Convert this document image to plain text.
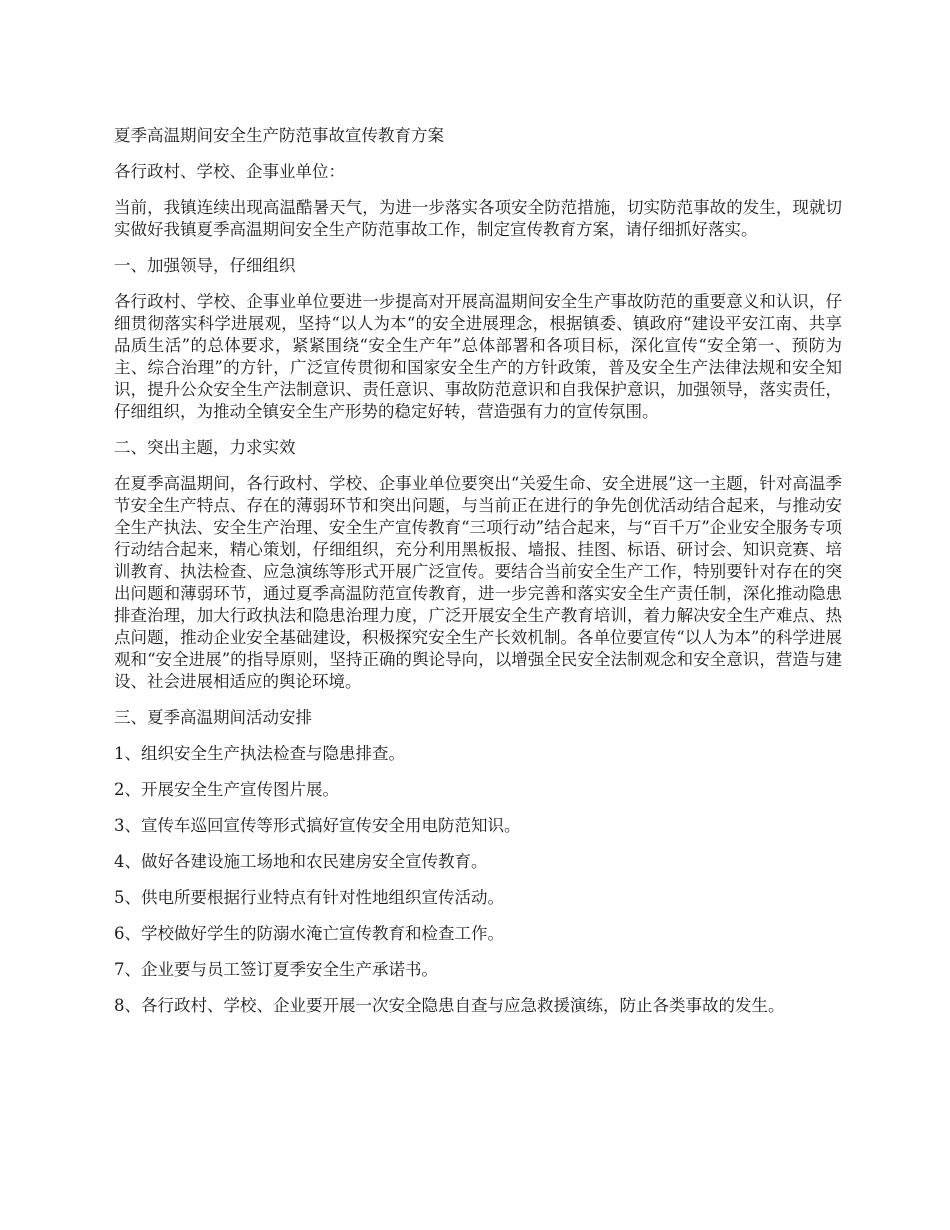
夏季高温期间安全生产防范事故宣传教育方案

各行政村、学校、企事业单位：

当前，我镇连续出现高温酷暑天气，为进一步落实各项安全防范措施，切实防范事故的发生，现就切实做好我镇夏季高温期间安全生产防范事故工作，制定宣传教育方案，请仔细抓好落实。

一、加强领导，仔细组织

各行政村、学校、企事业单位要进一步提高对开展高温期间安全生产事故防范的重要意义和认识，仔细贯彻落实科学进展观，坚持“以人为本“的安全进展理念，根据镇委、镇政府“建设平安江南、共享品质生活”的总体要求，紧紧围绕“安全生产年”总体部署和各项目标，深化宣传“安全第一、预防为主、综合治理”的方针，广泛宣传贯彻和国家安全生产的方针政策，普及安全生产法律法规和安全知识，提升公众安全生产法制意识、责任意识、事故防范意识和自我保护意识，加强领导，落实责任，仔细组织，为推动全镇安全生产形势的稳定好转，营造强有力的宣传氛围。

二、突出主题，力求实效

在夏季高温期间，各行政村、学校、企事业单位要突出“关爱生命、安全进展”这一主题，针对高温季节安全生产特点、存在的薄弱环节和突出问题，与当前正在进行的争先创优活动结合起来，与推动安全生产执法、安全生产治理、安全生产宣传教育“三项行动”结合起来，与“百千万”企业安全服务专项行动结合起来，精心策划，仔细组织，充分利用黑板报、墙报、挂图、标语、研讨会、知识竞赛、培训教育、执法检查、应急演练等形式开展广泛宣传。要结合当前安全生产工作，特别要针对存在的突出问题和薄弱环节，通过夏季高温防范宣传教育，进一步完善和落实安全生产责任制，深化推动隐患排查治理，加大行政执法和隐患治理力度，广泛开展安全生产教育培训，着力解决安全生产难点、热点问题，推动企业安全基础建设，积极探究安全生产长效机制。各单位要宣传“以人为本”的科学进展观和“安全进展”的指导原则，坚持正确的舆论导向，以增强全民安全法制观念和安全意识，营造与建设、社会进展相适应的舆论环境。

三、夏季高温期间活动安排

1、组织安全生产执法检查与隐患排查。
2、开展安全生产宣传图片展。
3、宣传车巡回宣传等形式搞好宣传安全用电防范知识。
4、做好各建设施工场地和农民建房安全宣传教育。
5、供电所要根据行业特点有针对性地组织宣传活动。
6、学校做好学生的防溺水淹亡宣传教育和检查工作。
7、企业要与员工签订夏季安全生产承诺书。
8、各行政村、学校、企业要开展一次安全隐患自查与应急救援演练，防止各类事故的发生。
